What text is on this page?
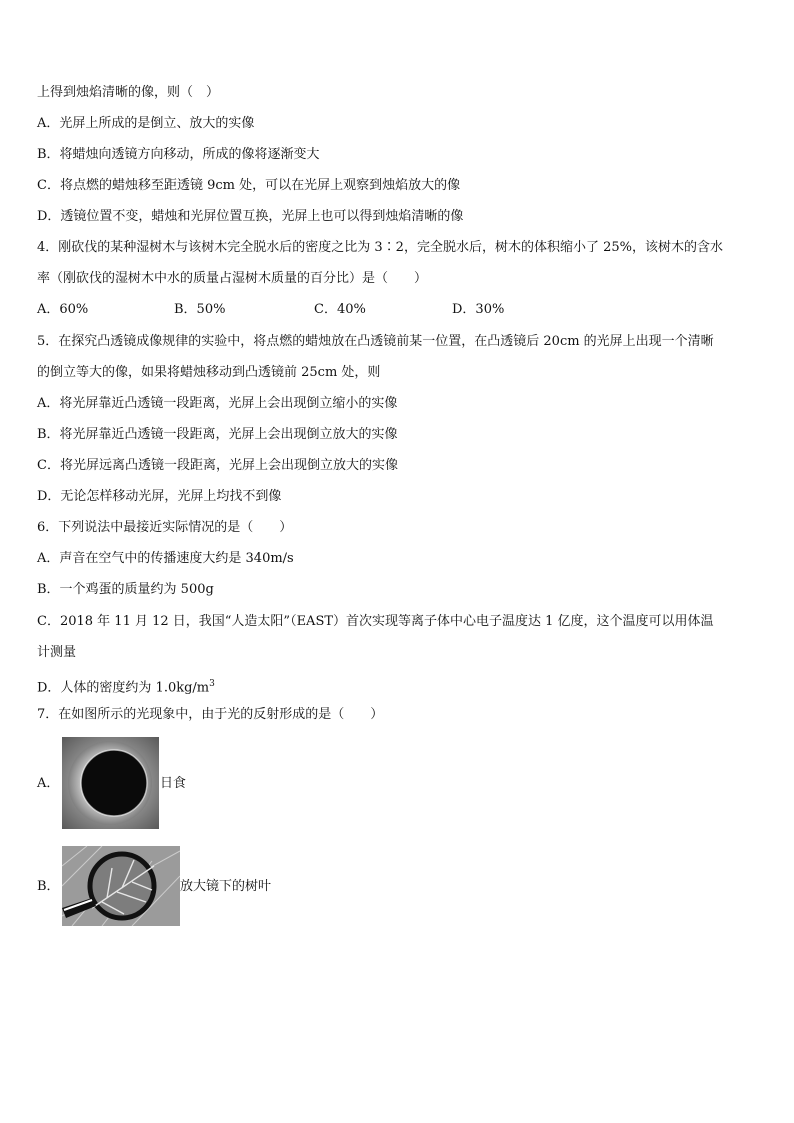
上得到烛焰清晰的像，则（　）
A．光屏上所成的是倒立、放大的实像
B．将蜡烛向透镜方向移动，所成的像将逐渐变大
C．将点燃的蜡烛移至距透镜 9cm 处，可以在光屏上观察到烛焰放大的像
D．透镜位置不变，蜡烛和光屏位置互换，光屏上也可以得到烛焰清晰的像
4．刚砍伐的某种湿树木与该树木完全脱水后的密度之比为 3∶2，完全脱水后，树木的体积缩小了 25%，该树木的含水
率（刚砍伐的湿树木中水的质量占湿树木质量的百分比）是（　　）
A．60%	B．50%	C．40%	D．30%
5．在探究凸透镜成像规律的实验中，将点燃的蜡烛放在凸透镜前某一位置，在凸透镜后 20cm 的光屏上出现一个清晰
的倒立等大的像，如果将蜡烛移动到凸透镜前 25cm 处，则
A．将光屏靠近凸透镜一段距离，光屏上会出现倒立缩小的实像
B．将光屏靠近凸透镜一段距离，光屏上会出现倒立放大的实像
C．将光屏远离凸透镜一段距离，光屏上会出现倒立放大的实像
D．无论怎样移动光屏，光屏上均找不到像
6．下列说法中最接近实际情况的是（　　）
A．声音在空气中的传播速度大约是 340m/s
B．一个鸡蛋的质量约为 500g
C．2018 年 11 月 12 日，我国“人造太阳”（EAST）首次实现等离子体中心电子温度达 1 亿度，这个温度可以用体温
计测量
D．人体的密度约为 $1.0kg/m^3$
7．在如图所示的光现象中，由于光的反射形成的是（　　）
A．	日食
B．	放大镜下的树叶
